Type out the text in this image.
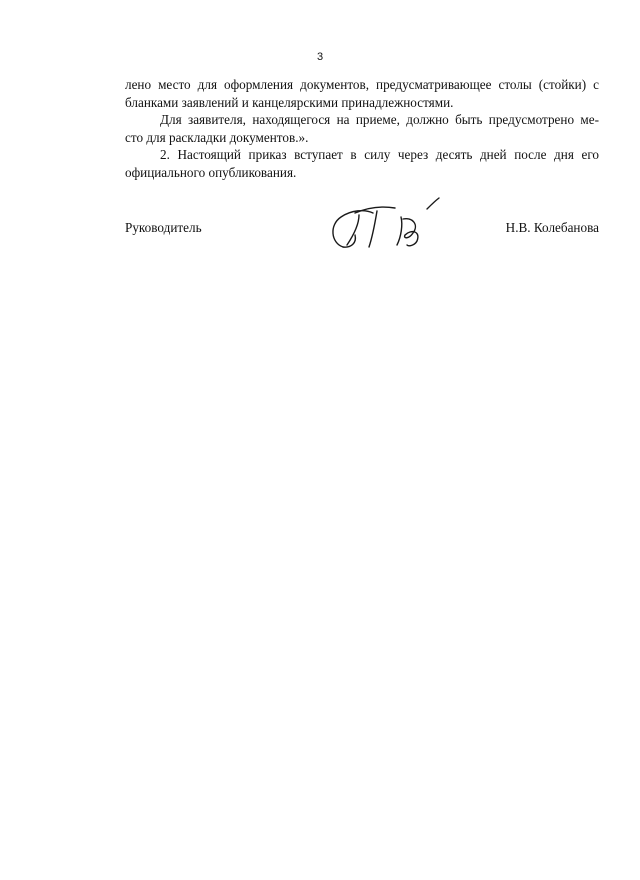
3
лено место для оформления документов, предусматривающее столы (стойки) с
бланками заявлений и канцелярскими принадлежностями.
Для заявителя, находящегося на приеме, должно быть предусмотрено ме-
сто для раскладки документов.».
2. Настоящий приказ вступает в силу через десять дней после дня его
официального опубликования.
Руководитель	Н.В. Колебанова
